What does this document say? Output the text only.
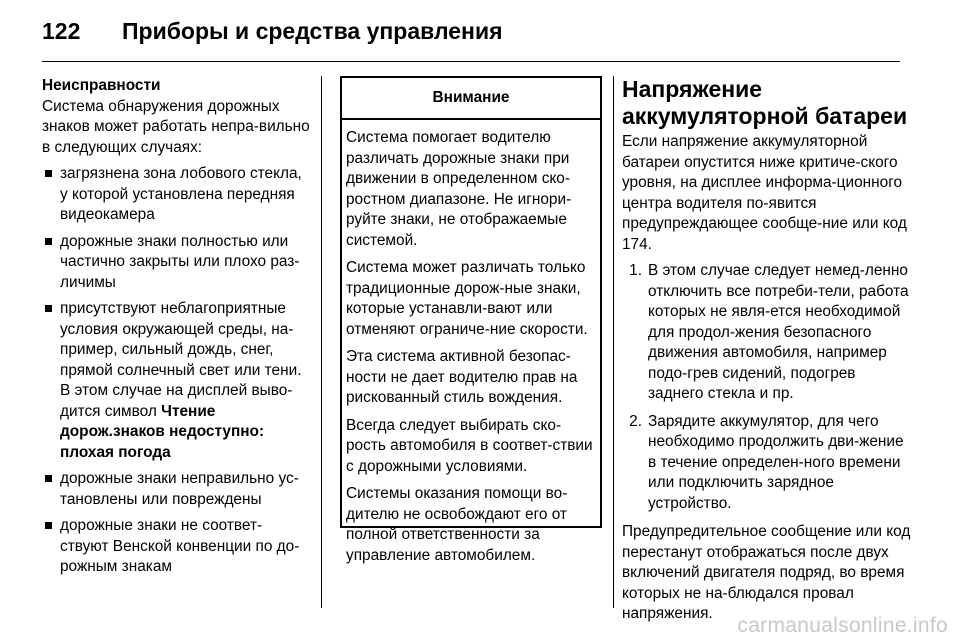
122	Приборы и средства управления
Неисправности

Система обнаружения дорожных знаков может работать непра-вильно в следующих случаях:

загрязнена зона лобового стекла, у которой установлена передняя видеокамера
дорожные знаки полностью или частично закрыты или плохо раз-личимы
присутствуют неблагоприятные условия окружающей среды, на-пример, сильный дождь, снег, прямой солнечный свет или тени. В этом случае на дисплей выво-дится символ Чтение дорож.знаков недоступно: плохая погода
дорожные знаки неправильно ус-тановлены или повреждены
дорожные знаки не соответ-ствуют Венской конвенции по до-рожным знакам
Внимание

Система помогает водителю различать дорожные знаки при движении в определенном ско-ростном диапазоне. Не игнори-руйте знаки, не отображаемые системой.

Система может различать только традиционные дорож-ные знаки, которые устанавли-вают или отменяют ограниче-ние скорости.

Эта система активной безопас-ности не дает водителю прав на рискованный стиль вождения.

Всегда следует выбирать ско-рость автомобиля в соответ-ствии с дорожными условиями.

Системы оказания помощи во-дителю не освобождают его от полной ответственности за управление автомобилем.

Напряжение аккумуляторной батареи

Если напряжение аккумуляторной батареи опустится ниже критиче-ского уровня, на дисплее информа-ционного центра водителя по-явится предупреждающее сообще-ние или код 174.

1. В этом случае следует немед-ленно отключить все потреби-тели, работа которых не явля-ется необходимой для продол-жения безопасного движения автомобиля, например подо-грев сидений, подогрев заднего стекла и пр.
2. Зарядите аккумулятор, для чего необходимо продолжить дви-жение в течение определен-ного времени или подключить зарядное устройство.

Предупредительное сообщение или код перестанут отображаться после двух включений двигателя подряд, во время которых не на-блюдался провал напряжения.

carmanualsonline.info
